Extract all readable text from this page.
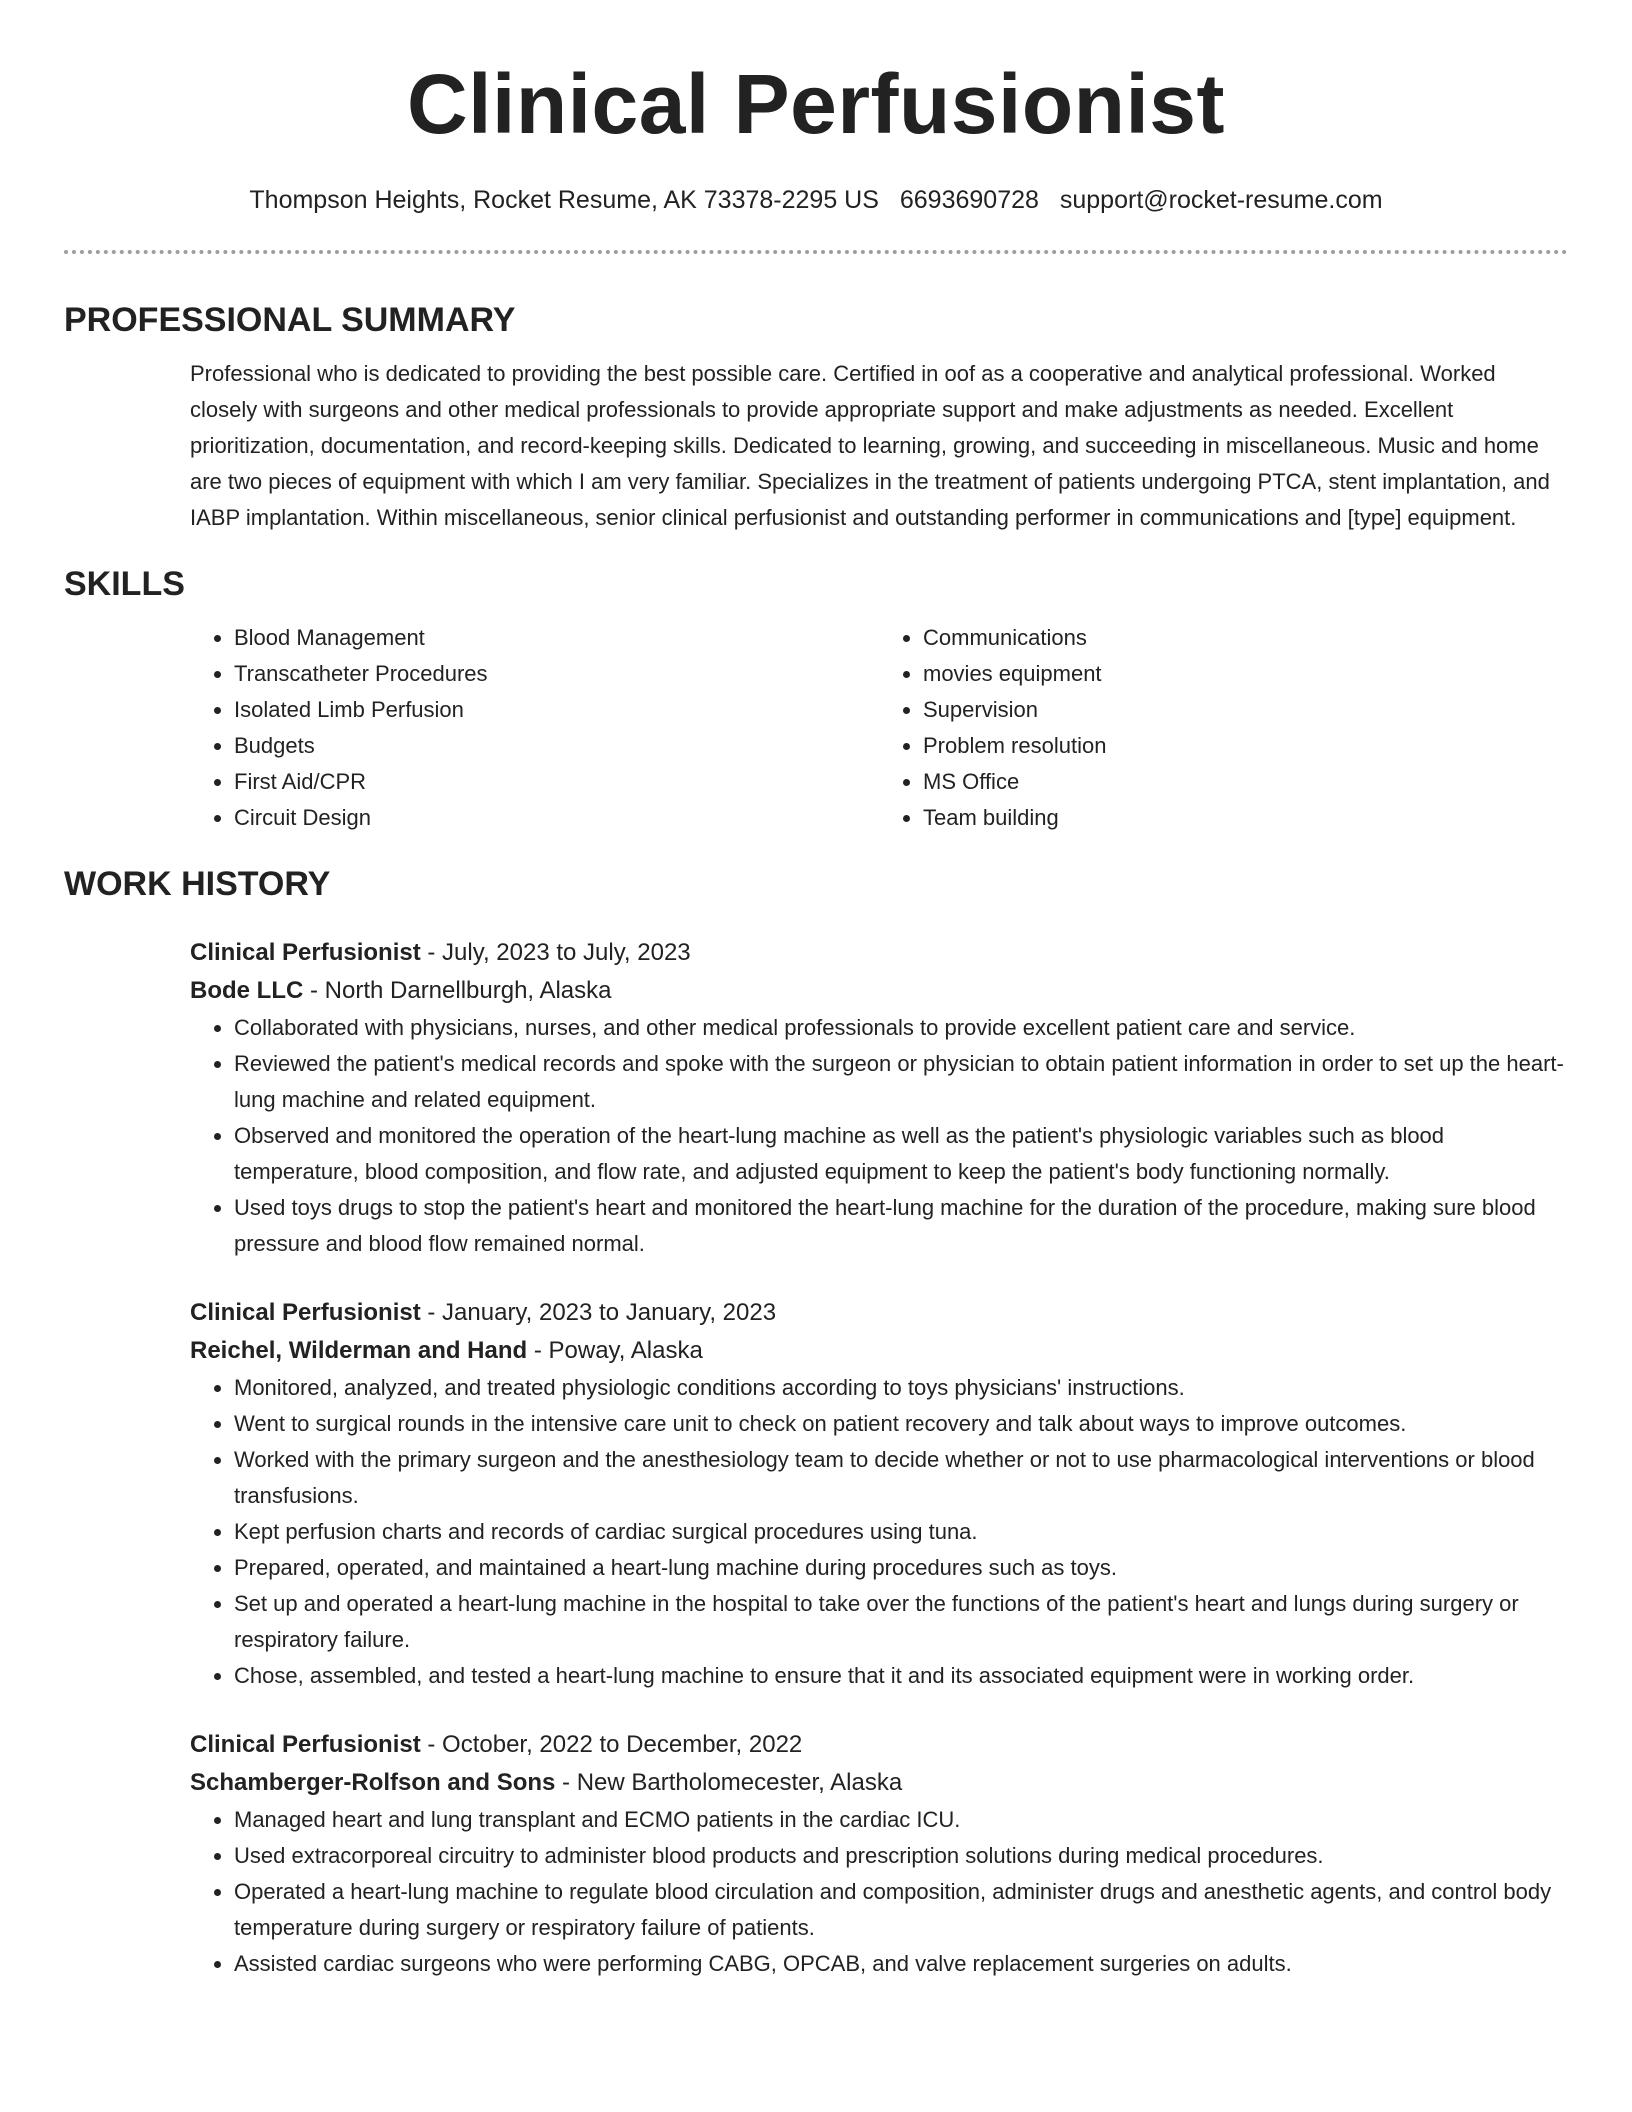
Clinical Perfusionist
Thompson Heights, Rocket Resume, AK 73378-2295 US 6693690728 support@rocket-resume.com
PROFESSIONAL SUMMARY

Professional who is dedicated to providing the best possible care. Certified in oof as a cooperative and analytical professional. Worked closely with surgeons and other medical professionals to provide appropriate support and make adjustments as needed. Excellent prioritization, documentation, and record-keeping skills. Dedicated to learning, growing, and succeeding in miscellaneous. Music and home are two pieces of equipment with which I am very familiar. Specializes in the treatment of patients undergoing PTCA, stent implantation, and IABP implantation. Within miscellaneous, senior clinical perfusionist and outstanding performer in communications and [type] equipment.

SKILLS
• Blood Management
• Transcatheter Procedures
• Isolated Limb Perfusion
• Budgets
• First Aid/CPR
• Circuit Design
• Communications
• movies equipment
• Supervision
• Problem resolution
• MS Office
• Team building
WORK HISTORY
Clinical Perfusionist - July, 2023 to July, 2023
Bode LLC - North Darnellburgh, Alaska
• Collaborated with physicians, nurses, and other medical professionals to provide excellent patient care and service.
• Reviewed the patient's medical records and spoke with the surgeon or physician to obtain patient information in order to set up the heart-lung machine and related equipment.
• Observed and monitored the operation of the heart-lung machine as well as the patient's physiologic variables such as blood temperature, blood composition, and flow rate, and adjusted equipment to keep the patient's body functioning normally.
• Used toys drugs to stop the patient's heart and monitored the heart-lung machine for the duration of the procedure, making sure blood pressure and blood flow remained normal.
Clinical Perfusionist - January, 2023 to January, 2023
Reichel, Wilderman and Hand - Poway, Alaska
• Monitored, analyzed, and treated physiologic conditions according to toys physicians' instructions.
• Went to surgical rounds in the intensive care unit to check on patient recovery and talk about ways to improve outcomes.
• Worked with the primary surgeon and the anesthesiology team to decide whether or not to use pharmacological interventions or blood transfusions.
• Kept perfusion charts and records of cardiac surgical procedures using tuna.
• Prepared, operated, and maintained a heart-lung machine during procedures such as toys.
• Set up and operated a heart-lung machine in the hospital to take over the functions of the patient's heart and lungs during surgery or respiratory failure.
• Chose, assembled, and tested a heart-lung machine to ensure that it and its associated equipment were in working order.
Clinical Perfusionist - October, 2022 to December, 2022
Schamberger-Rolfson and Sons - New Bartholomecester, Alaska
• Managed heart and lung transplant and ECMO patients in the cardiac ICU.
• Used extracorporeal circuitry to administer blood products and prescription solutions during medical procedures.
• Operated a heart-lung machine to regulate blood circulation and composition, administer drugs and anesthetic agents, and control body temperature during surgery or respiratory failure of patients.
• Assisted cardiac surgeons who were performing CABG, OPCAB, and valve replacement surgeries on adults.
